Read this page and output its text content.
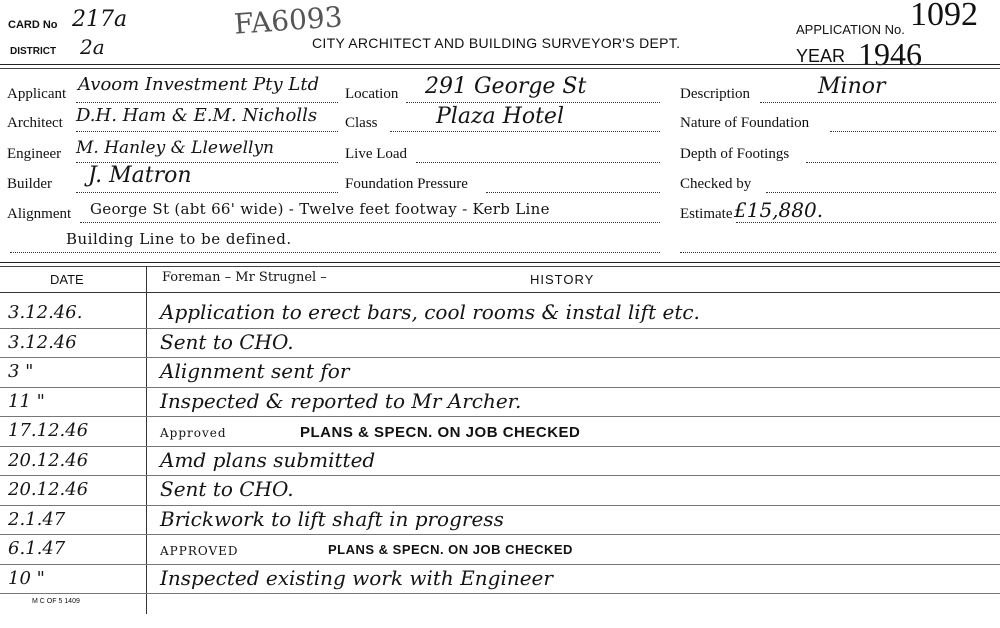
CARD No 217a
DISTRICT 2a
FA6093
CITY ARCHITECT AND BUILDING SURVEYOR'S DEPT.
APPLICATION No. 1092
YEAR 1946
Applicant Avoom Investment Pty Ltd
Architect D.H. Ham & E.M. Nicholls
Engineer M. Hanley & Llewellyn
Builder J. Matron
Alignment George St (abt 66' wide) - Twelve feet footway - Kerb Line
Building Line to be defined.
Location 291 George St
Class	Plaza Hotel
Live Load
Foundation Pressure
Description	Minor
Nature of Foundation
Depth of Footings
Checked by
Estimate £15,880.
DATE	Foreman – Mr Strugnel –	HISTORY
3.12.46.	Application to erect bars, cool rooms & instal lift etc.
3.12.46	Sent to CHO.
3 "	Alignment sent for
11 "	Inspected & reported to Mr Archer.
17.12.46	Approved	PLANS & SPECN. ON JOB CHECKED
20.12.46	Amd plans submitted
20.12.46	Sent to CHO.
2.1.47	Brickwork to lift shaft in progress
6.1.47	APPROVED	PLANS & SPECN. ON JOB CHECKED
10 "	Inspected existing work with Engineer
M C OF 5 1409
